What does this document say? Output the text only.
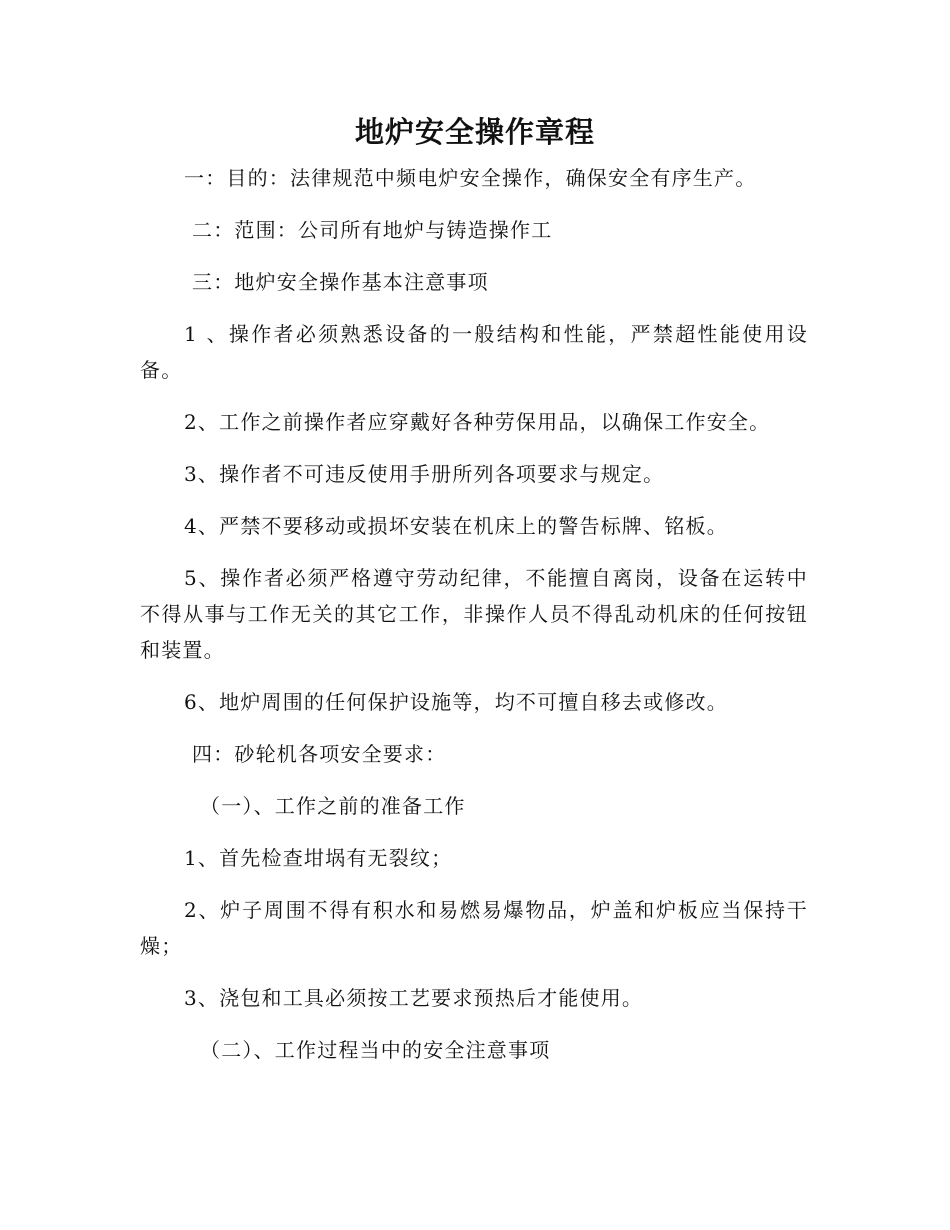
地炉安全操作章程

一：目的：法律规范中频电炉安全操作，确保安全有序生产。

二：范围：公司所有地炉与铸造操作工

三：地炉安全操作基本注意事项

1 、操作者必须熟悉设备的一般结构和性能，严禁超性能使用设备。

2、工作之前操作者应穿戴好各种劳保用品，以确保工作安全。

3、操作者不可违反使用手册所列各项要求与规定。

4、严禁不要移动或损坏安装在机床上的警告标牌、铭板。

5、操作者必须严格遵守劳动纪律，不能擅自离岗，设备在运转中不得从事与工作无关的其它工作，非操作人员不得乱动机床的任何按钮和装置。

6、地炉周围的任何保护设施等，均不可擅自移去或修改。

四：砂轮机各项安全要求：

（一）、工作之前的准备工作

1、首先检查坩埚有无裂纹；

2、炉子周围不得有积水和易燃易爆物品，炉盖和炉板应当保持干燥；

3、浇包和工具必须按工艺要求预热后才能使用。

（二）、工作过程当中的安全注意事项
